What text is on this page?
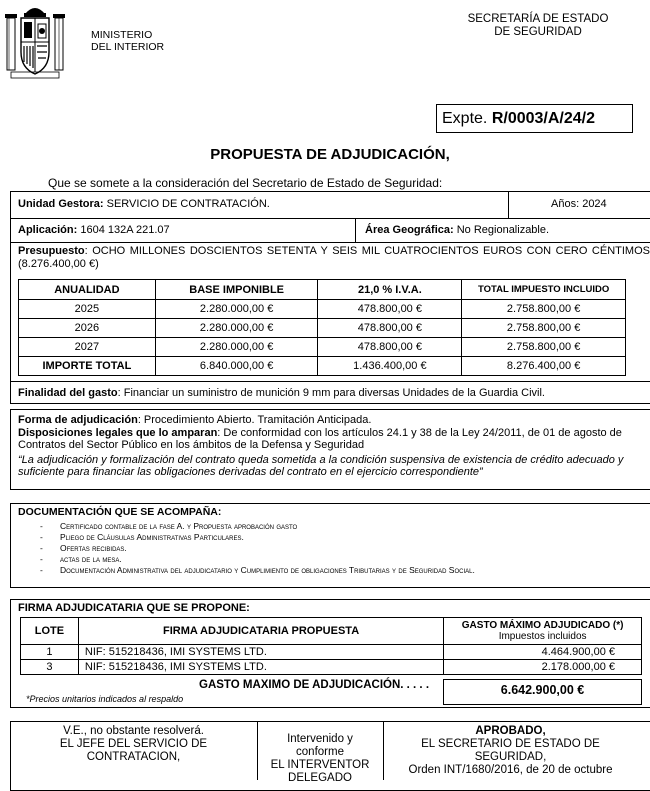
MINISTERIO
DEL INTERIOR
SECRETARÍA DE ESTADO
DE SEGURIDAD
Expte. R/0003/A/24/2
PROPUESTA DE ADJUDICACIÓN,
Que se somete a la consideración del Secretario de Estado de Seguridad:
Unidad Gestora: SERVICIO DE CONTRATACIÓN.	Años: 2024
Aplicación: 1604 132A 221.07	Área Geográfica: No Regionalizable.
Presupuesto: OCHO MILLONES DOSCIENTOS SETENTA Y SEIS MIL CUATROCIENTOS EUROS CON CERO CÉNTIMOS (8.276.400,00 €)
ANUALIDAD	BASE IMPONIBLE	21,0 % I.V.A.	TOTAL IMPUESTO INCLUIDO
2025	2.280.000,00 €	478.800,00 €	2.758.800,00 €
2026	2.280.000,00 €	478.800,00 €	2.758.800,00 €
2027	2.280.000,00 €	478.800,00 €	2.758.800,00 €
IMPORTE TOTAL	6.840.000,00 €	1.436.400,00 €	8.276.400,00 €
Finalidad del gasto: Financiar un suministro de munición 9 mm para diversas Unidades de la Guardia Civil.
Forma de adjudicación: Procedimiento Abierto. Tramitación Anticipada.
Disposiciones legales que lo amparan: De conformidad con los artículos 24.1 y 38 de la Ley 24/2011, de 01 de agosto de Contratos del Sector Público en los ámbitos de la Defensa y Seguridad
“La adjudicación y formalización del contrato queda sometida a la condición suspensiva de existencia de crédito adecuado y suficiente para financiar las obligaciones derivadas del contrato en el ejercicio correspondiente”
DOCUMENTACIÓN QUE SE ACOMPAÑA:
- Certificado contable de la fase A. y Propuesta aprobación gasto
- Pliego de Cláusulas Administrativas Particulares.
- Ofertas recibidas.
- actas de la mesa.
- Documentación Administrativa del adjudicatario y Cumplimiento de obligaciones Tributarias y de Seguridad Social.
FIRMA ADJUDICATARIA QUE SE PROPONE:
LOTE	FIRMA ADJUDICATARIA PROPUESTA	GASTO MÁXIMO ADJUDICADO (*)
Impuestos incluidos

1	NIF: 515218436, IMI SYSTEMS LTD.	4.464.900,00 €
3	NIF: 515218436, IMI SYSTEMS LTD.	2.178.000,00 €
GASTO MAXIMO DE ADJUDICACIÓN. . . . .	6.642.900,00 €
*Precios unitarios indicados al respaldo
V.E., no obstante resolverá.
EL JEFE DEL SERVICIO DE
CONTRATACION,
Intervenido y
conforme
EL INTERVENTOR
DELEGADO
APROBADO,
EL SECRETARIO DE ESTADO DE
SEGURIDAD,
Orden INT/1680/2016, de 20 de octubre
